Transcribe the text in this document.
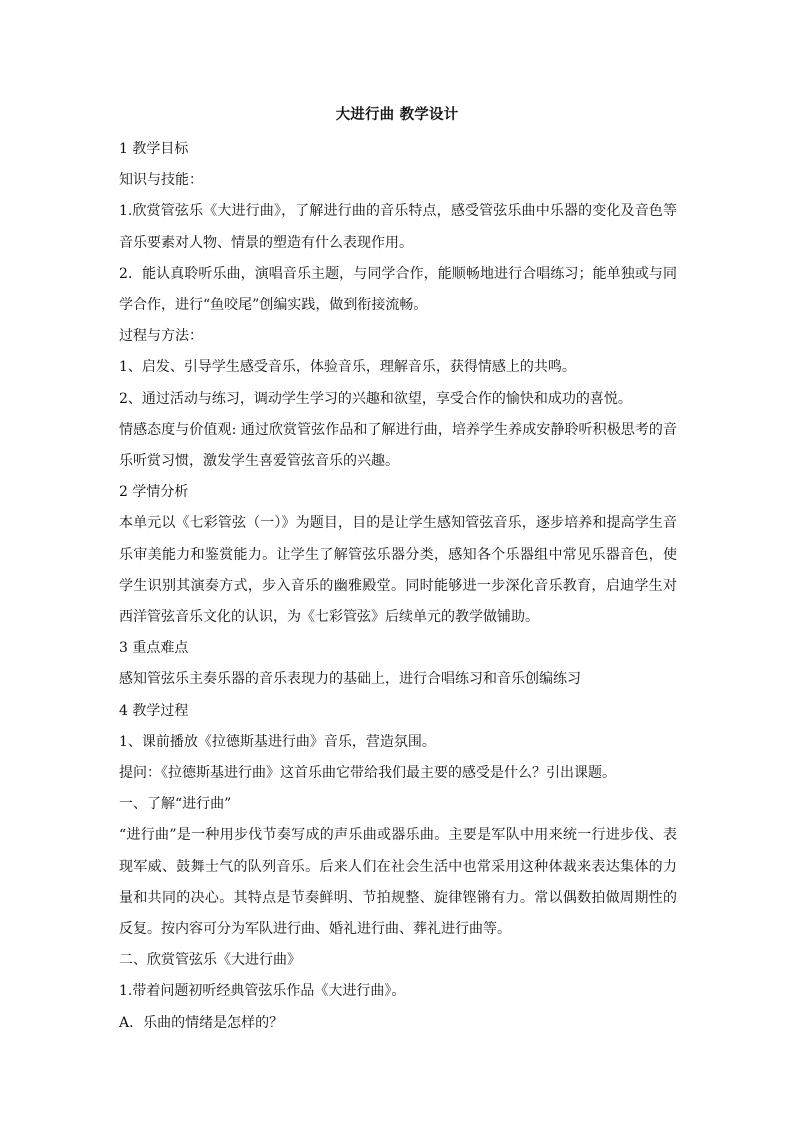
大进行曲 教学设计

1 教学目标

知识与技能：

1.欣赏管弦乐《大进行曲》，了解进行曲的音乐特点，感受管弦乐曲中乐器的变化及音色等音乐要素对人物、情景的塑造有什么表现作用。

2．能认真聆听乐曲，演唱音乐主题，与同学合作，能顺畅地进行合唱练习；能单独或与同学合作，进行“鱼咬尾”创编实践，做到衔接流畅。

过程与方法：

1、启发、引导学生感受音乐，体验音乐，理解音乐，获得情感上的共鸣。

2、通过活动与练习，调动学生学习的兴趣和欲望，享受合作的愉快和成功的喜悦。

情感态度与价值观: 通过欣赏管弦作品和了解进行曲，培养学生养成安静聆听积极思考的音乐听赏习惯，激发学生喜爱管弦音乐的兴趣。

2 学情分析

本单元以《七彩管弦（一）》为题目，目的是让学生感知管弦音乐，逐步培养和提高学生音乐审美能力和鉴赏能力。让学生了解管弦乐器分类，感知各个乐器组中常见乐器音色，使学生识别其演奏方式，步入音乐的幽雅殿堂。同时能够进一步深化音乐教育，启迪学生对西洋管弦音乐文化的认识，为《七彩管弦》后续单元的教学做铺助。

3 重点难点

感知管弦乐主奏乐器的音乐表现力的基础上，进行合唱练习和音乐创编练习

4 教学过程

1、课前播放《拉德斯基进行曲》音乐，营造氛围。

提问：《拉德斯基进行曲》这首乐曲它带给我们最主要的感受是什么？引出课题。

一、了解“进行曲”

“进行曲”是一种用步伐节奏写成的声乐曲或器乐曲。主要是军队中用来统一行进步伐、表现军威、鼓舞士气的队列音乐。后来人们在社会生活中也常采用这种体裁来表达集体的力量和共同的决心。其特点是节奏鲜明、节拍规整、旋律铿锵有力。常以偶数拍做周期性的反复。按内容可分为军队进行曲、婚礼进行曲、葬礼进行曲等。

二、欣赏管弦乐《大进行曲》

1.带着问题初听经典管弦乐作品《大进行曲》。

A．乐曲的情绪是怎样的？
